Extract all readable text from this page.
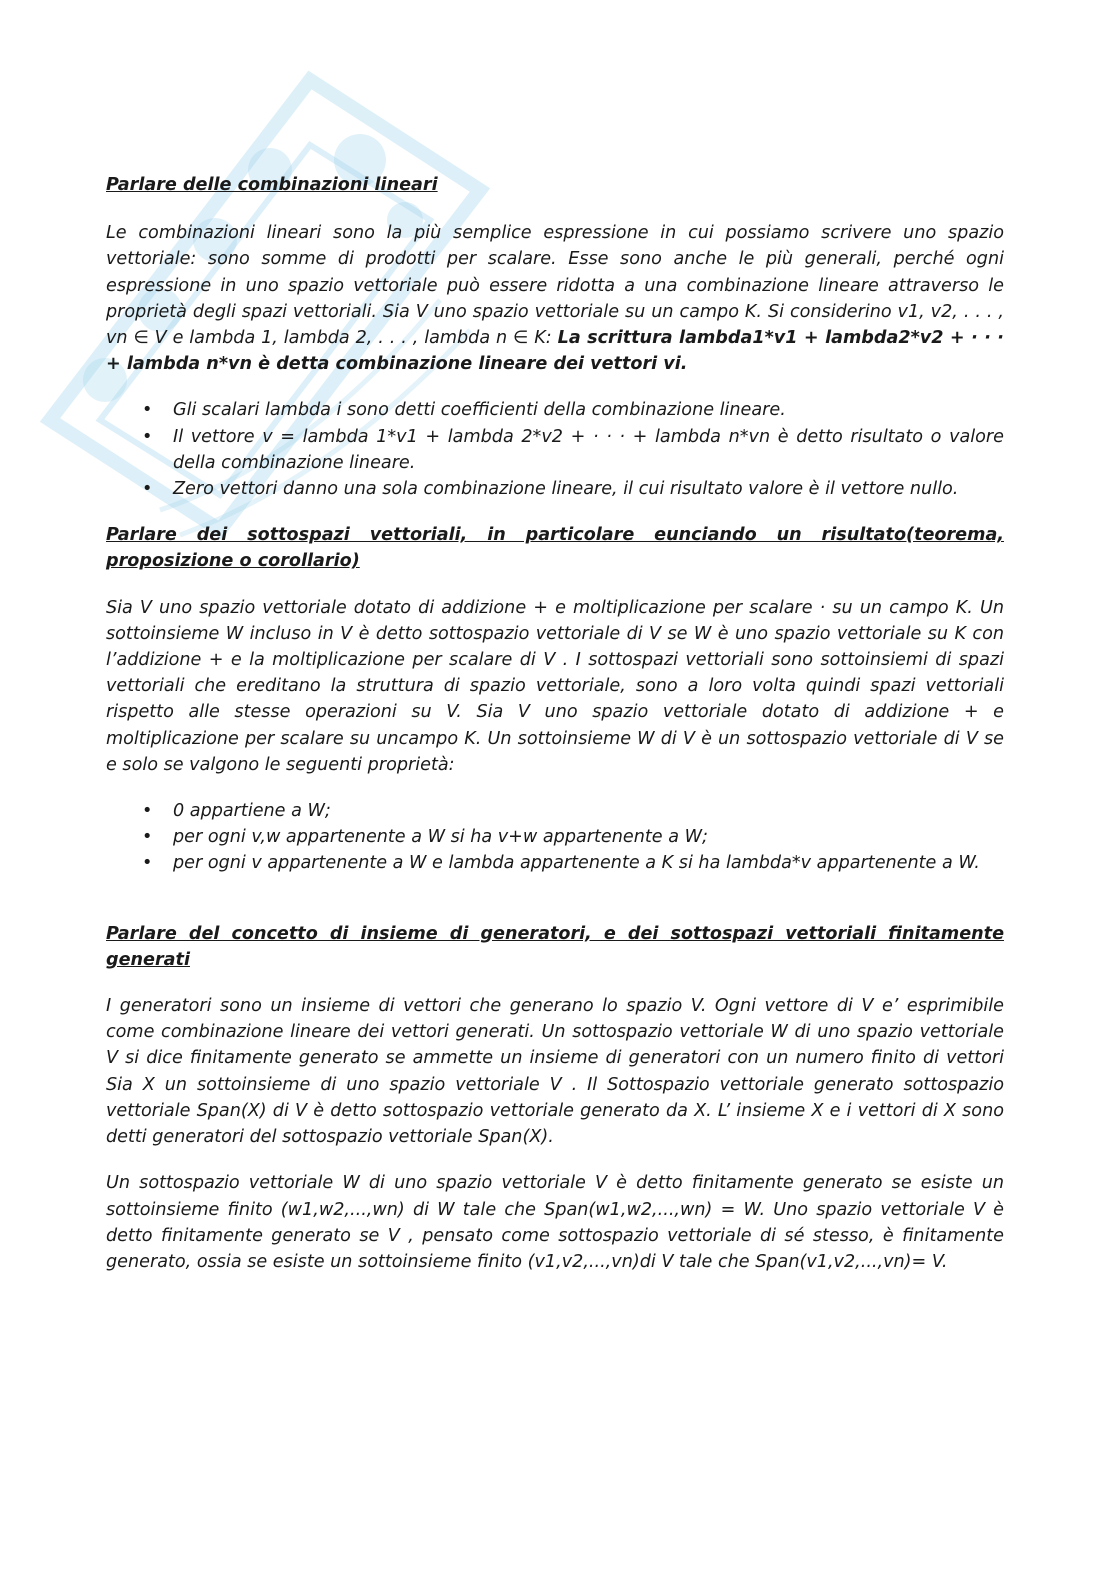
Parlare delle combinazioni lineari

Le combinazioni lineari sono la più semplice espressione in cui possiamo scrivere uno spazio vettoriale: sono somme di prodotti per scalare. Esse sono anche le più generali, perché ogni espressione in uno spazio vettoriale può essere ridotta a una combinazione lineare attraverso le proprietà degli spazi vettoriali. Sia V uno spazio vettoriale su un campo K. Si considerino v1, v2, . . . , vn ∈ V e lambda 1, lambda 2, . . . , lambda n ∈ K: La scrittura lambda1*v1 + lambda2*v2 + · · · + lambda n*vn è detta combinazione lineare dei vettori vi.

• Gli scalari lambda i sono detti coefficienti della combinazione lineare.
• Il vettore v = lambda 1*v1 + lambda 2*v2 + · · · + lambda n*vn è detto risultato o valore della combinazione lineare.
• Zero vettori danno una sola combinazione lineare, il cui risultato valore è il vettore nullo.
Parlare dei sottospazi vettoriali, in particolare eunciando un risultato(teorema, proposizione o corollario)

Sia V uno spazio vettoriale dotato di addizione + e moltiplicazione per scalare · su un campo K. Un sottoinsieme W incluso in V è detto sottospazio vettoriale di V se W è uno spazio vettoriale su K con l’addizione + e la moltiplicazione per scalare di V . I sottospazi vettoriali sono sottoinsiemi di spazi vettoriali che ereditano la struttura di spazio vettoriale, sono a loro volta quindi spazi vettoriali rispetto alle stesse operazioni su V. Sia V uno spazio vettoriale dotato di addizione + e moltiplicazione per scalare su uncampo K. Un sottoinsieme W di V è un sottospazio vettoriale di V se e solo se valgono le seguenti proprietà:

• 0 appartiene a W;
• per ogni v,w appartenente a W si ha v+w appartenente a W;
• per ogni v appartenente a W e lambda appartenente a K si ha lambda*v appartenente a W.
Parlare del concetto di insieme di generatori, e dei sottospazi vettoriali finitamente generati

I generatori sono un insieme di vettori che generano lo spazio V. Ogni vettore di V e’ esprimibile come combinazione lineare dei vettori generati. Un sottospazio vettoriale W di uno spazio vettoriale V si dice finitamente generato se ammette un insieme di generatori con un numero finito di vettori Sia X un sottoinsieme di uno spazio vettoriale V . Il Sottospazio vettoriale generato sottospazio vettoriale Span(X) di V è detto sottospazio vettoriale generato da X. L’ insieme X e i vettori di X sono detti generatori del sottospazio vettoriale Span(X).

Un sottospazio vettoriale W di uno spazio vettoriale V è detto finitamente generato se esiste un sottoinsieme finito (w1,w2,...,wn) di W tale che Span(w1,w2,...,wn) = W. Uno spazio vettoriale V è detto finitamente generato se V , pensato come sottospazio vettoriale di sé stesso, è finitamente generato, ossia se esiste un sottoinsieme finito (v1,v2,...,vn)di V tale che Span(v1,v2,...,vn)= V.
